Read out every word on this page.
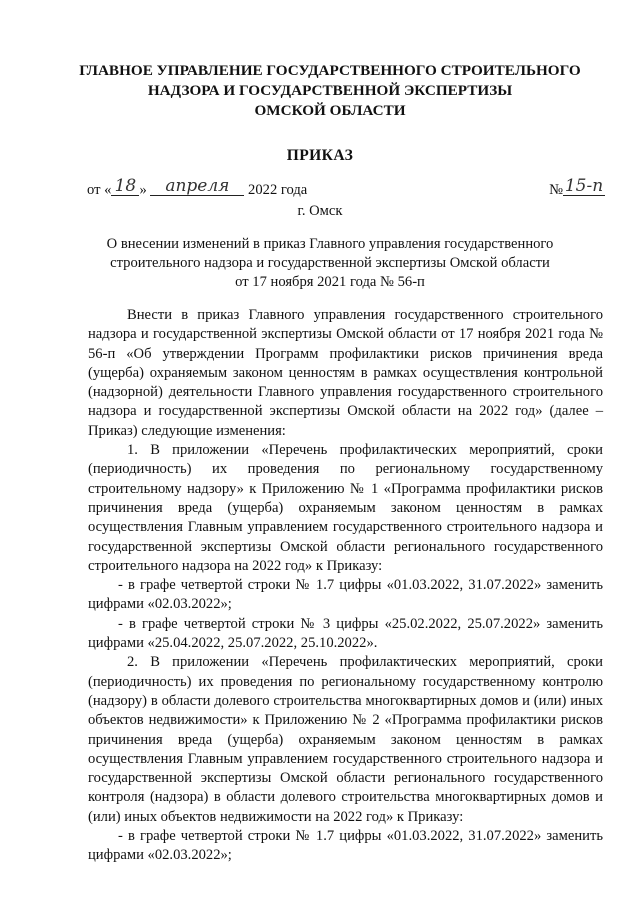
ГЛАВНОЕ УПРАВЛЕНИЕ ГОСУДАРСТВЕННОГО СТРОИТЕЛЬНОГО
НАДЗОРА И ГОСУДАРСТВЕННОЙ ЭКСПЕРТИЗЫ
ОМСКОЙ ОБЛАСТИ
ПРИКАЗ
от « 18 » апреля 2022 года	№ 15-п
г. Омск
О внесении изменений в приказ Главного управления государственного
строительного надзора и государственной экспертизы Омской области
от 17 ноября 2021 года № 56-п

Внести в приказ Главного управления государственного строительного надзора и государственной экспертизы Омской области от 17 ноября 2021 года № 56-п «Об утверждении Программ профилактики рисков причинения вреда (ущерба) охраняемым законом ценностям в рамках осуществления контрольной (надзорной) деятельности Главного управления государственного строительного надзора и государственной экспертизы Омской области на 2022 год» (далее – Приказ) следующие изменения:

1. В приложении «Перечень профилактических мероприятий, сроки (периодичность) их проведения по региональному государственному строительному надзору» к Приложению № 1 «Программа профилактики рисков причинения вреда (ущерба) охраняемым законом ценностям в рамках осуществления Главным управлением государственного строительного надзора и государственной экспертизы Омской области регионального государственного строительного надзора на 2022 год» к Приказу:

- в графе четвертой строки № 1.7 цифры «01.03.2022, 31.07.2022» заменить цифрами «02.03.2022»;

- в графе четвертой строки № 3 цифры «25.02.2022, 25.07.2022» заменить цифрами «25.04.2022, 25.07.2022, 25.10.2022».

2. В приложении «Перечень профилактических мероприятий, сроки (периодичность) их проведения по региональному государственному контролю (надзору) в области долевого строительства многоквартирных домов и (или) иных объектов недвижимости» к Приложению № 2 «Программа профилактики рисков причинения вреда (ущерба) охраняемым законом ценностям в рамках осуществления Главным управлением государственного строительного надзора и государственной экспертизы Омской области регионального государственного контроля (надзора) в области долевого строительства многоквартирных домов и (или) иных объектов недвижимости на 2022 год» к Приказу:

- в графе четвертой строки № 1.7 цифры «01.03.2022, 31.07.2022» заменить цифрами «02.03.2022»;
